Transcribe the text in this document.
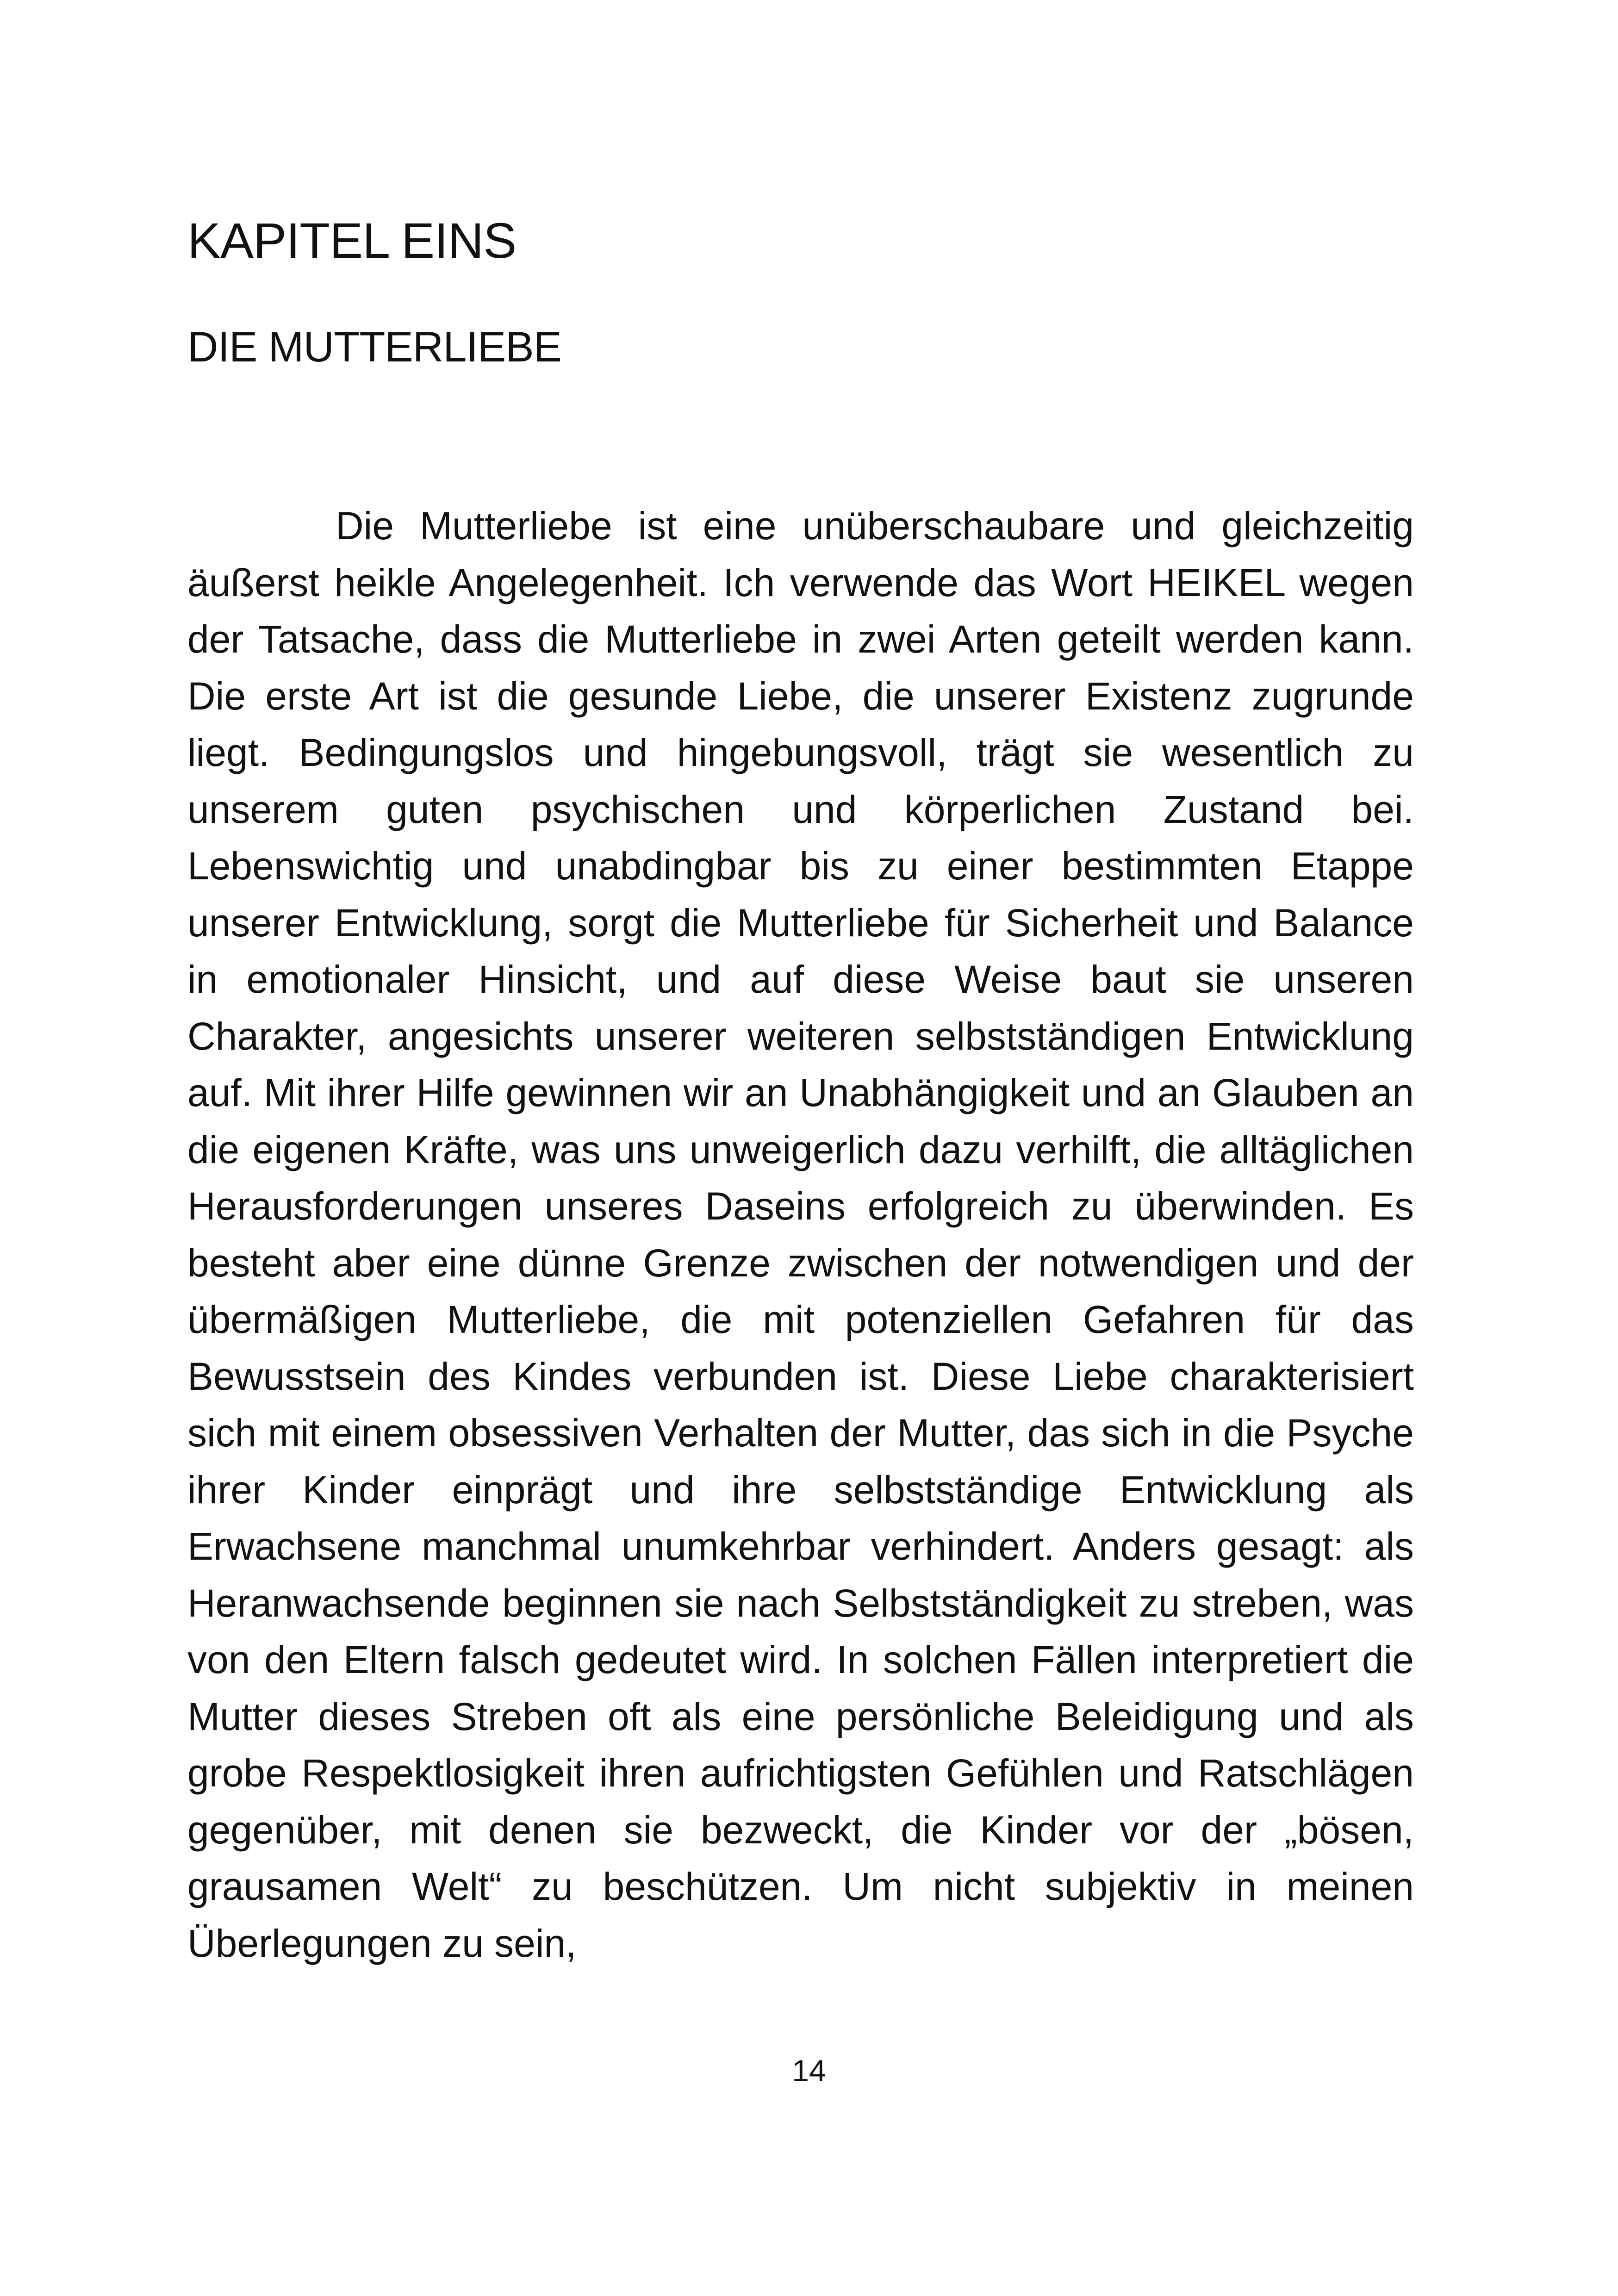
KAPITEL EINS
DIE MUTTERLIEBE

Die Mutterliebe ist eine unüberschaubare und gleichzeitig äußerst heikle Angelegenheit. Ich verwende das Wort HEIKEL wegen der Tatsache, dass die Mutterliebe in zwei Arten geteilt werden kann. Die erste Art ist die gesunde Liebe, die unserer Existenz zugrunde liegt. Bedingungslos und hingebungsvoll, trägt sie wesentlich zu unserem guten psychischen und körperlichen Zustand bei. Lebenswichtig und unabdingbar bis zu einer bestimmten Etappe unserer Entwicklung, sorgt die Mutterliebe für Sicherheit und Balance in emotionaler Hinsicht, und auf diese Weise baut sie unseren Charakter, angesichts unserer weiteren selbstständigen Entwicklung auf. Mit ihrer Hilfe gewinnen wir an Unabhängigkeit und an Glauben an die eigenen Kräfte, was uns unweigerlich dazu verhilft, die alltäglichen Herausforderungen unseres Daseins erfolgreich zu überwinden. Es besteht aber eine dünne Grenze zwischen der notwendigen und der übermäßigen Mutterliebe, die mit potenziellen Gefahren für das Bewusstsein des Kindes verbunden ist. Diese Liebe charakterisiert sich mit einem obsessiven Verhalten der Mutter, das sich in die Psyche ihrer Kinder einprägt und ihre selbstständige Entwicklung als Erwachsene manchmal unumkehrbar verhindert. Anders gesagt: als Heranwachsende beginnen sie nach Selbstständigkeit zu streben, was von den Eltern falsch gedeutet wird. In solchen Fällen interpretiert die Mutter dieses Streben oft als eine persönliche Beleidigung und als grobe Respektlosigkeit ihren aufrichtigsten Gefühlen und Ratschlägen gegenüber, mit denen sie bezweckt, die Kinder vor der „bösen, grausamen Welt“ zu beschützen. Um nicht subjektiv in meinen Überlegungen zu sein,

14
